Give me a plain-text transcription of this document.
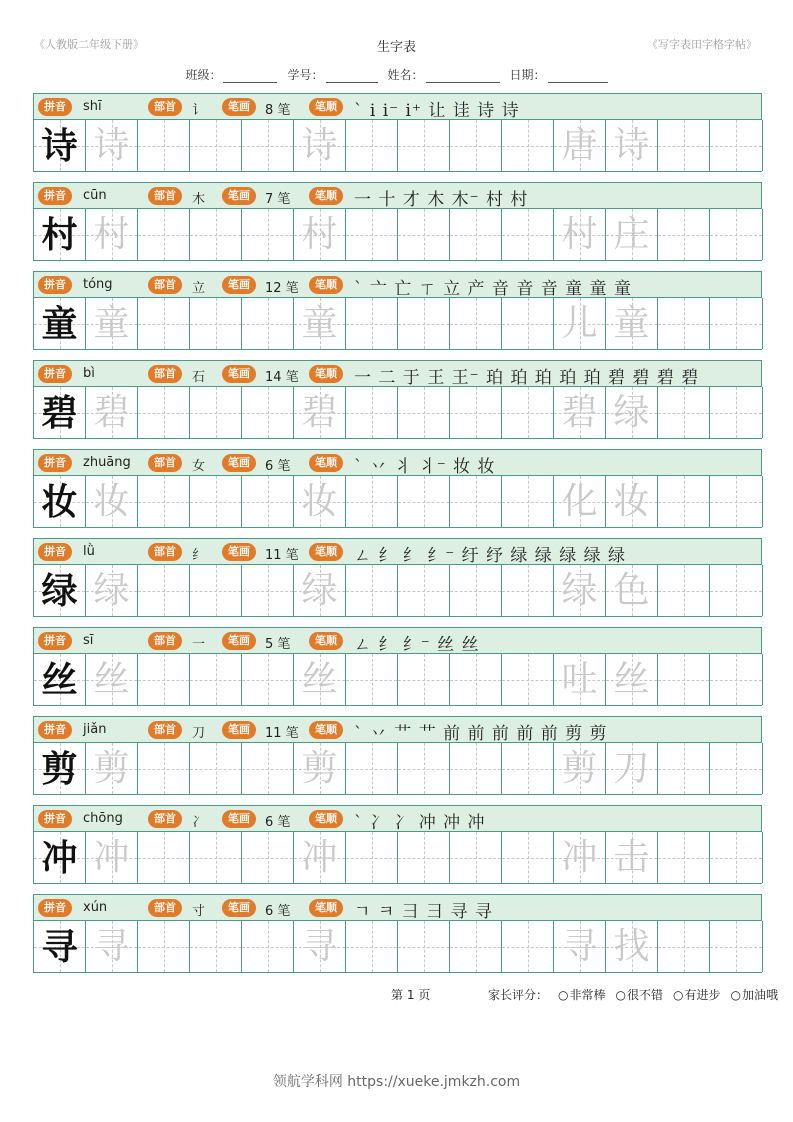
《人教版二年级下册》	生字表	《写字表田字格字帖》
班级：	学号：	姓名：	日期：
拼音	shī	部首	讠	笔画	8 笔	笔顺	` i i⁻ i⁺ 让 诖 诗 诗
诗 诗	诗	唐 诗
拼音	cūn	部首	木	笔画	7 笔	笔顺	一 十 才 木 木⁻ 村 村
村 村	村	村 庄
拼音	tóng	部首	立	笔画	12 笔	笔顺	` 亠 亡 ㄒ 立 产 音 音 音 童 童 童
童 童	童	儿 童
拼音	bì	部首	石	笔画	14 笔	笔顺	一 二 于 王 王⁻ 珀 珀 珀 珀 珀 碧 碧 碧 碧
碧 碧	碧	碧 绿
拼音	zhuāng	部首	女	笔画	6 笔	笔顺	` 丷 丬 丬⁻ 妆 妆
妆 妆	妆	化 妆
拼音	lǜ	部首	纟	笔画	11 笔	笔顺	ㄥ 纟 纟 纟⁻ 纡 纾 绿 绿 绿 绿 绿
绿 绿	绿	绿 色
拼音	sī	部首	一	笔画	5 笔	笔顺	ㄥ 纟 纟⁻ 丝 丝
丝 丝	丝	吐 丝
拼音	jiǎn	部首	刀	笔画	11 笔	笔顺	` 丷 艹 艹 前 前 前 前 前 剪 剪
剪 剪	剪	剪 刀
拼音	chōng	部首	冫	笔画	6 笔	笔顺	` 冫 冫 冲 冲 冲
冲 冲	冲	冲 击
拼音	xún	部首	寸	笔画	6 笔	笔顺	ㄱ ㅋ 彐 彐 寻 寻
寻 寻	寻	寻 找
第 1 页	家长评分：	○ 非常棒	○ 很不错	○ 有进步	○ 加油哦
领航学科网 https://xueke.jmkzh.com
